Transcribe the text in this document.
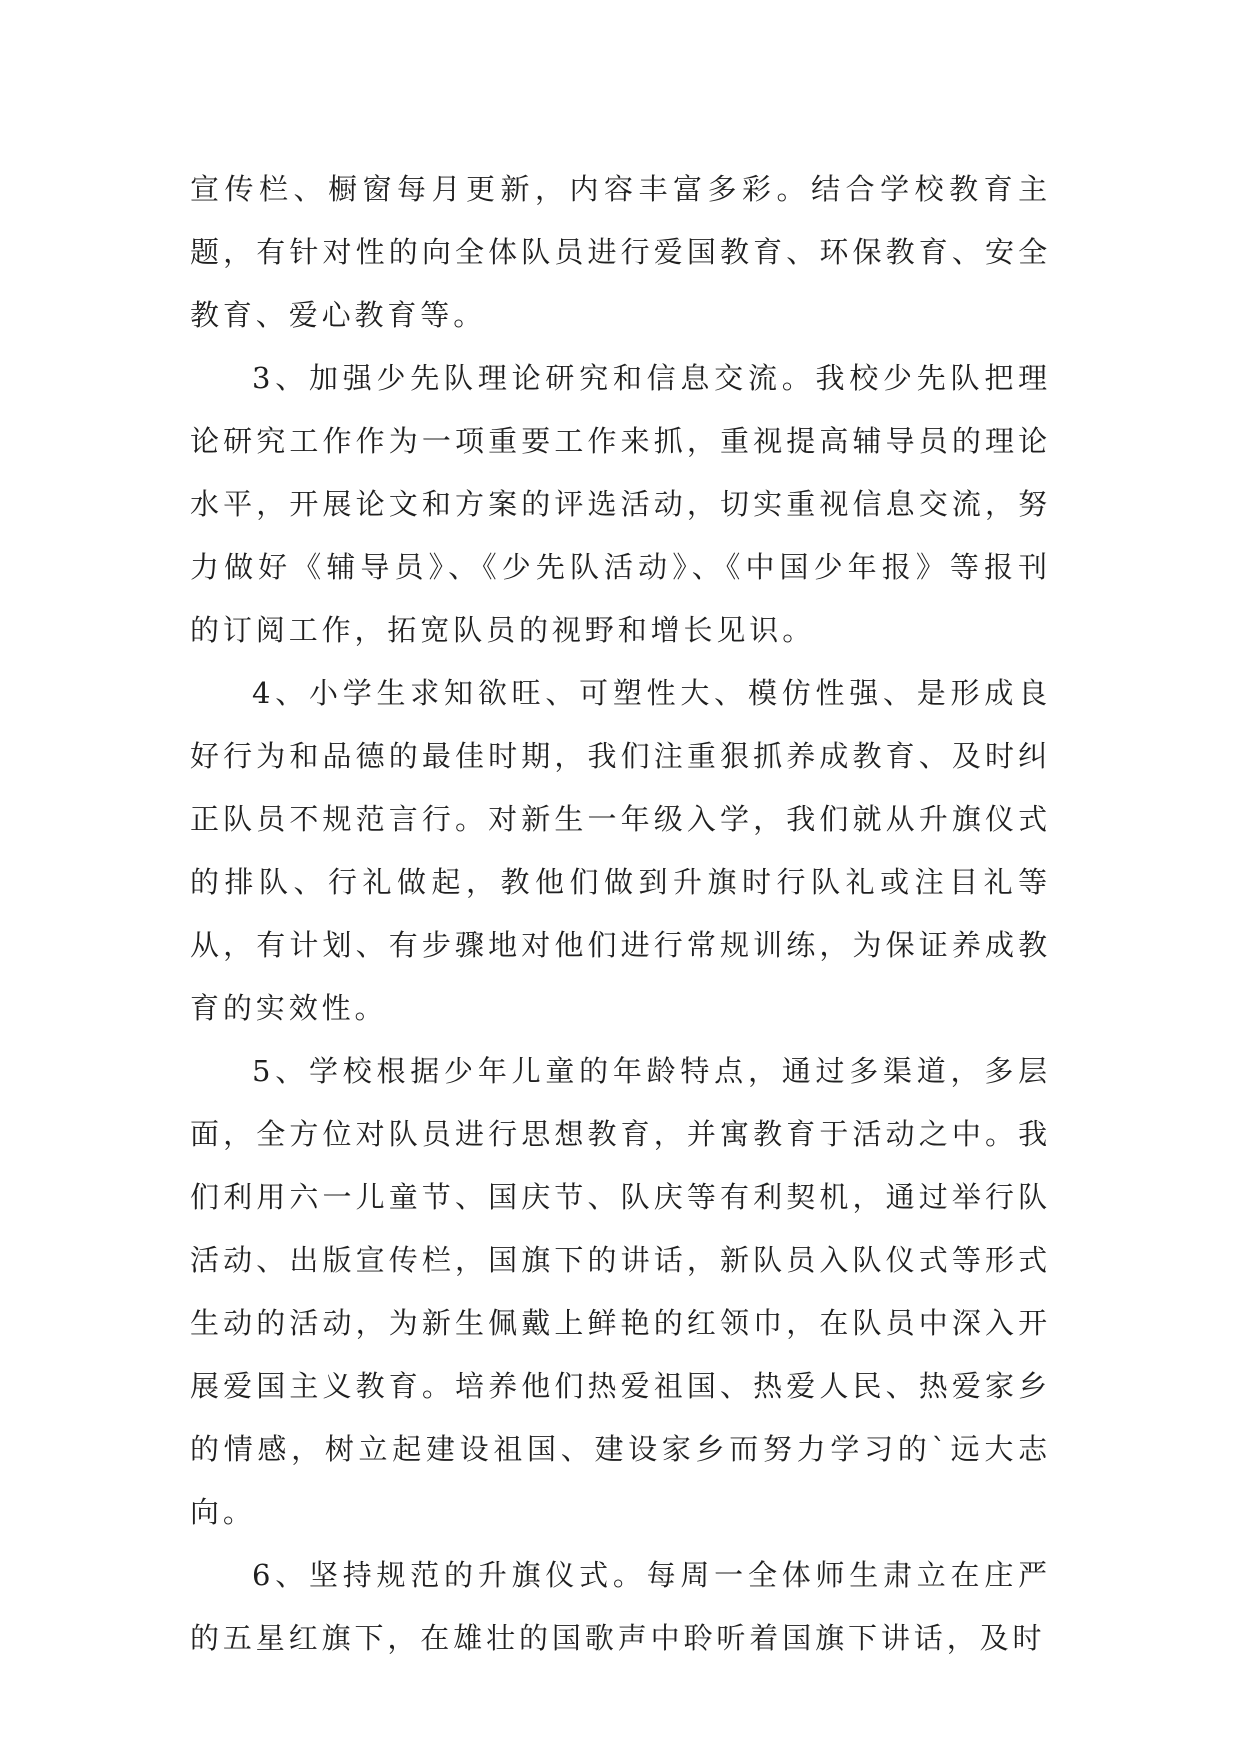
宣传栏、橱窗每月更新，内容丰富多彩。结合学校教育主题，有针对性的向全体队员进行爱国教育、环保教育、安全教育、爱心教育等。

3、加强少先队理论研究和信息交流。我校少先队把理论研究工作作为一项重要工作来抓，重视提高辅导员的理论水平，开展论文和方案的评选活动，切实重视信息交流，努力做好《辅导员》、《少先队活动》、《中国少年报》等报刊的订阅工作，拓宽队员的视野和增长见识。

4、小学生求知欲旺、可塑性大、模仿性强、是形成良好行为和品德的最佳时期，我们注重狠抓养成教育、及时纠正队员不规范言行。对新生一年级入学，我们就从升旗仪式的排队、行礼做起，教他们做到升旗时行队礼或注目礼等从，有计划、有步骤地对他们进行常规训练，为保证养成教育的实效性。

5、学校根据少年儿童的年龄特点，通过多渠道，多层面，全方位对队员进行思想教育，并寓教育于活动之中。我们利用六一儿童节、国庆节、队庆等有利契机，通过举行队活动、出版宣传栏，国旗下的讲话，新队员入队仪式等形式生动的活动，为新生佩戴上鲜艳的红领巾，在队员中深入开展爱国主义教育。培养他们热爱祖国、热爱人民、热爱家乡的情感，树立起建设祖国、建设家乡而努力学习的`远大志向。

6、坚持规范的升旗仪式。每周一全体师生肃立在庄严的五星红旗下，在雄壮的国歌声中聆听着国旗下讲话，及时
